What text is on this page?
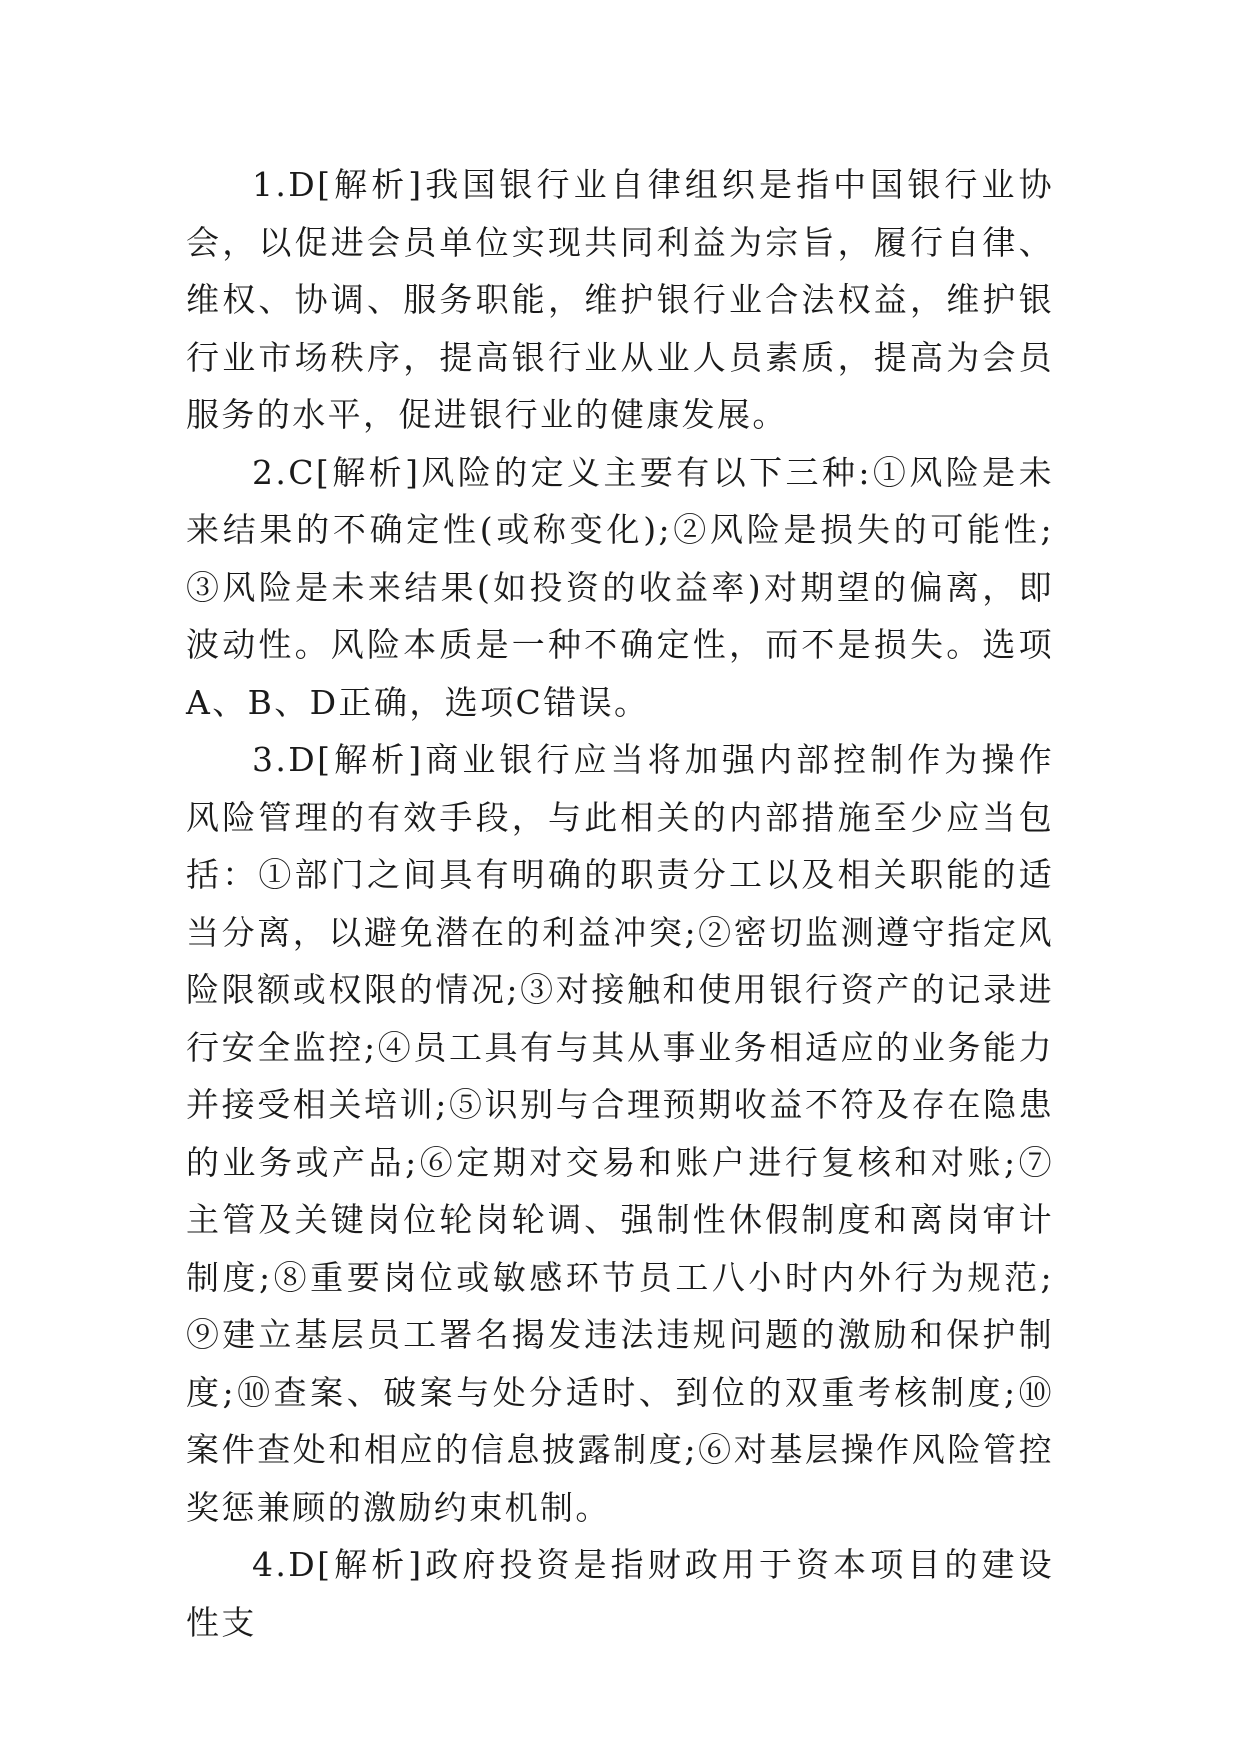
1.D[解析]我国银行业自律组织是指中国银行业协会，以促进会员单位实现共同利益为宗旨，履行自律、维权、协调、服务职能，维护银行业合法权益，维护银行业市场秩序，提高银行业从业人员素质，提高为会员服务的水平，促进银行业的健康发展。

2.C[解析]风险的定义主要有以下三种:①风险是未来结果的不确定性(或称变化);②风险是损失的可能性;③风险是未来结果(如投资的收益率)对期望的偏离，即波动性。风险本质是一种不确定性，而不是损失。选项A、B、D正确，选项C错误。

3.D[解析]商业银行应当将加强内部控制作为操作风险管理的有效手段，与此相关的内部措施至少应当包括：①部门之间具有明确的职责分工以及相关职能的适当分离，以避免潜在的利益冲突;②密切监测遵守指定风险限额或权限的情况;③对接触和使用银行资产的记录进行安全监控;④员工具有与其从事业务相适应的业务能力并接受相关培训;⑤识别与合理预期收益不符及存在隐患的业务或产品;⑥定期对交易和账户进行复核和对账;⑦主管及关键岗位轮岗轮调、强制性休假制度和离岗审计制度;⑧重要岗位或敏感环节员工八小时内外行为规范;⑨建立基层员工署名揭发违法违规问题的激励和保护制度;⑩查案、破案与处分适时、到位的双重考核制度;⑩案件查处和相应的信息披露制度;⑥对基层操作风险管控奖惩兼顾的激励约束机制。

4.D[解析]政府投资是指财政用于资本项目的建设性支
